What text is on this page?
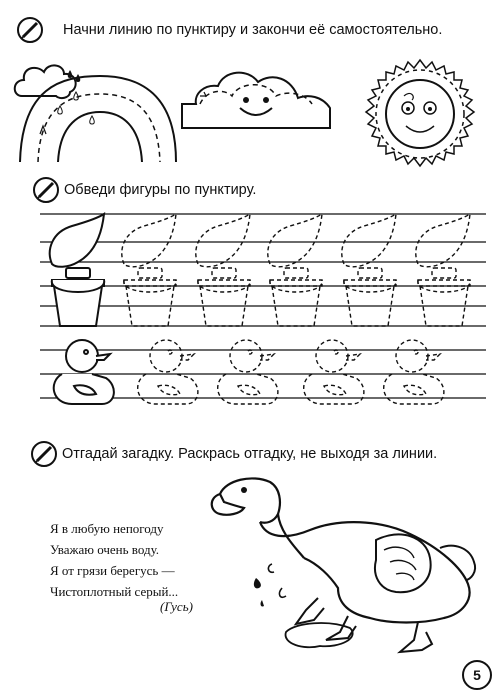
Начни линию по пунктиру и закончи её самостоятельно.
Обведи фигуры по пунктиру.
Отгадай загадку. Раскрась отгадку, не выходя за линии.
Я в любую непогоду
Уважаю очень воду.
Я от грязи берегусь —
Чистоплотный серый...
(Гусь)
5
